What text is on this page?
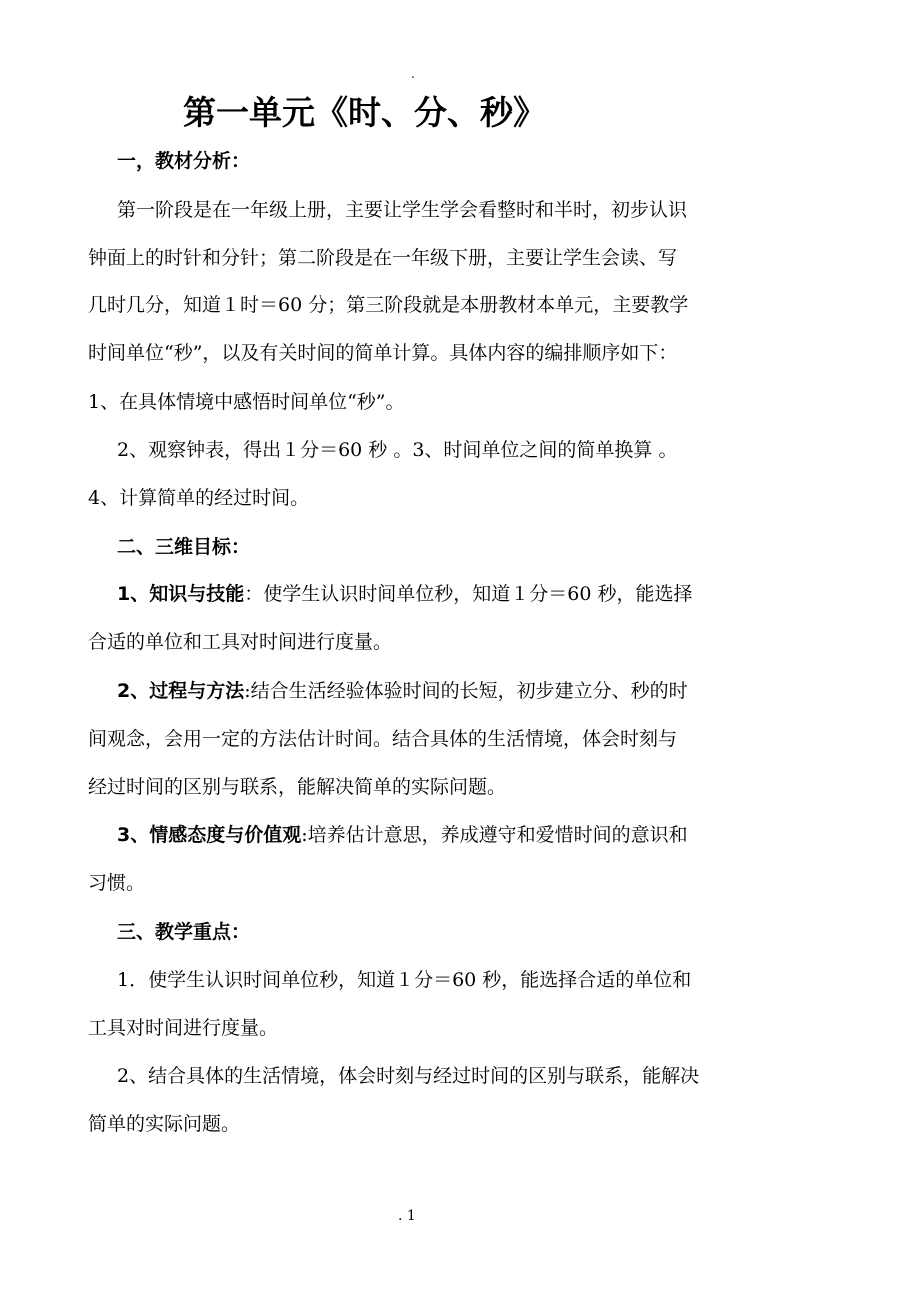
.
第一单元《时、分、秒》
一，教材分析：
第一阶段是在一年级上册，主要让学生学会看整时和半时，初步认识
钟面上的时针和分针；第二阶段是在一年级下册，主要让学生会读、写
几时几分，知道１时＝60 分；第三阶段就是本册教材本单元，主要教学
时间单位“秒”，以及有关时间的简单计算。具体内容的编排顺序如下：
1、在具体情境中感悟时间单位“秒”。
2、观察钟表，得出１分＝60 秒 。3、时间单位之间的简单换算 。
4、计算简单的经过时间。
二、三维目标：
1、知识与技能：使学生认识时间单位秒，知道１分＝60 秒，能选择
合适的单位和工具对时间进行度量。
2、过程与方法:结合生活经验体验时间的长短，初步建立分、秒的时
间观念，会用一定的方法估计时间。结合具体的生活情境，体会时刻与
经过时间的区别与联系，能解决简单的实际问题。
3、情感态度与价值观:培养估计意思，养成遵守和爱惜时间的意识和
习惯。
三、教学重点：
1．使学生认识时间单位秒，知道１分＝60 秒，能选择合适的单位和
工具对时间进行度量。
2、结合具体的生活情境，体会时刻与经过时间的区别与联系，能解决
简单的实际问题。
. 1
